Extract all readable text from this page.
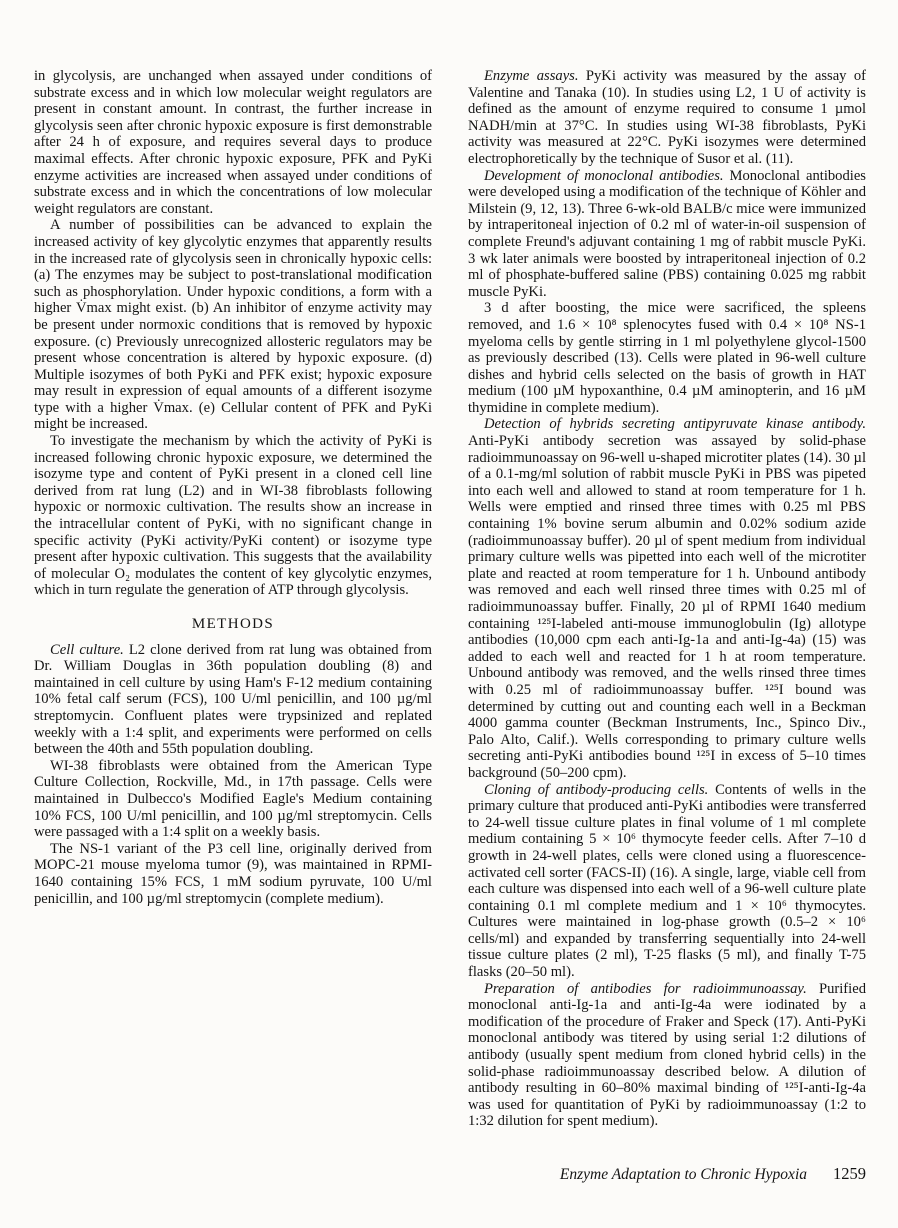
in glycolysis, are unchanged when assayed under conditions of substrate excess and in which low molecular weight regulators are present in constant amount. In contrast, the further increase in glycolysis seen after chronic hypoxic exposure is first demonstrable after 24 h of exposure, and requires several days to produce maximal effects. After chronic hypoxic exposure, PFK and PyKi enzyme activities are increased when assayed under conditions of substrate excess and in which the concentrations of low molecular weight regulators are constant.

A number of possibilities can be advanced to explain the increased activity of key glycolytic enzymes that apparently results in the increased rate of glycolysis seen in chronically hypoxic cells: (a) The enzymes may be subject to post-translational modification such as phosphorylation. Under hypoxic conditions, a form with a higher V̇max might exist. (b) An inhibitor of enzyme activity may be present under normoxic conditions that is removed by hypoxic exposure. (c) Previously unrecognized allosteric regulators may be present whose concentration is altered by hypoxic exposure. (d) Multiple isozymes of both PyKi and PFK exist; hypoxic exposure may result in expression of equal amounts of a different isozyme type with a higher V̇max. (e) Cellular content of PFK and PyKi might be increased.

To investigate the mechanism by which the activity of PyKi is increased following chronic hypoxic exposure, we determined the isozyme type and content of PyKi present in a cloned cell line derived from rat lung (L2) and in WI-38 fibroblasts following hypoxic or normoxic cultivation. The results show an increase in the intracellular content of PyKi, with no significant change in specific activity (PyKi activity/PyKi content) or isozyme type present after hypoxic cultivation. This suggests that the availability of molecular O₂ modulates the content of key glycolytic enzymes, which in turn regulate the generation of ATP through glycolysis.

METHODS

Cell culture. L2 clone derived from rat lung was obtained from Dr. William Douglas in 36th population doubling (8) and maintained in cell culture by using Ham's F-12 medium containing 10% fetal calf serum (FCS), 100 U/ml penicillin, and 100 µg/ml streptomycin. Confluent plates were trypsinized and replated weekly with a 1:4 split, and experiments were performed on cells between the 40th and 55th population doubling.

WI-38 fibroblasts were obtained from the American Type Culture Collection, Rockville, Md., in 17th passage. Cells were maintained in Dulbecco's Modified Eagle's Medium containing 10% FCS, 100 U/ml penicillin, and 100 µg/ml streptomycin. Cells were passaged with a 1:4 split on a weekly basis.

The NS-1 variant of the P3 cell line, originally derived from MOPC-21 mouse myeloma tumor (9), was maintained in RPMI-1640 containing 15% FCS, 1 mM sodium pyruvate, 100 U/ml penicillin, and 100 µg/ml streptomycin (complete medium).

Enzyme assays. PyKi activity was measured by the assay of Valentine and Tanaka (10). In studies using L2, 1 U of activity is defined as the amount of enzyme required to consume 1 µmol NADH/min at 37°C. In studies using WI-38 fibroblasts, PyKi activity was measured at 22°C. PyKi isozymes were determined electrophoretically by the technique of Susor et al. (11).

Development of monoclonal antibodies. Monoclonal antibodies were developed using a modification of the technique of Köhler and Milstein (9, 12, 13). Three 6-wk-old BALB/c mice were immunized by intraperitoneal injection of 0.2 ml of water-in-oil suspension of complete Freund's adjuvant containing 1 mg of rabbit muscle PyKi. 3 wk later animals were boosted by intraperitoneal injection of 0.2 ml of phosphate-buffered saline (PBS) containing 0.025 mg rabbit muscle PyKi.

3 d after boosting, the mice were sacrificed, the spleens removed, and 1.6 × 10⁸ splenocytes fused with 0.4 × 10⁸ NS-1 myeloma cells by gentle stirring in 1 ml polyethylene glycol-1500 as previously described (13). Cells were plated in 96-well culture dishes and hybrid cells selected on the basis of growth in HAT medium (100 µM hypoxanthine, 0.4 µM aminopterin, and 16 µM thymidine in complete medium).

Detection of hybrids secreting antipyruvate kinase antibody. Anti-PyKi antibody secretion was assayed by solid-phase radioimmunoassay on 96-well u-shaped microtiter plates (14). 30 µl of a 0.1-mg/ml solution of rabbit muscle PyKi in PBS was pipeted into each well and allowed to stand at room temperature for 1 h. Wells were emptied and rinsed three times with 0.25 ml PBS containing 1% bovine serum albumin and 0.02% sodium azide (radioimmunoassay buffer). 20 µl of spent medium from individual primary culture wells was pipetted into each well of the microtiter plate and reacted at room temperature for 1 h. Unbound antibody was removed and each well rinsed three times with 0.25 ml of radioimmunoassay buffer. Finally, 20 µl of RPMI 1640 medium containing ¹²⁵I-labeled anti-mouse immunoglobulin (Ig) allotype antibodies (10,000 cpm each anti-Ig-1a and anti-Ig-4a) (15) was added to each well and reacted for 1 h at room temperature. Unbound antibody was removed, and the wells rinsed three times with 0.25 ml of radioimmunoassay buffer. ¹²⁵I bound was determined by cutting out and counting each well in a Beckman 4000 gamma counter (Beckman Instruments, Inc., Spinco Div., Palo Alto, Calif.). Wells corresponding to primary culture wells secreting anti-PyKi antibodies bound ¹²⁵I in excess of 5–10 times background (50–200 cpm).

Cloning of antibody-producing cells. Contents of wells in the primary culture that produced anti-PyKi antibodies were transferred to 24-well tissue culture plates in final volume of 1 ml complete medium containing 5 × 10⁶ thymocyte feeder cells. After 7–10 d growth in 24-well plates, cells were cloned using a fluorescence-activated cell sorter (FACS-II) (16). A single, large, viable cell from each culture was dispensed into each well of a 96-well culture plate containing 0.1 ml complete medium and 1 × 10⁶ thymocytes. Cultures were maintained in log-phase growth (0.5–2 × 10⁶ cells/ml) and expanded by transferring sequentially into 24-well tissue culture plates (2 ml), T-25 flasks (5 ml), and finally T-75 flasks (20–50 ml).

Preparation of antibodies for radioimmunoassay. Purified monoclonal anti-Ig-1a and anti-Ig-4a were iodinated by a modification of the procedure of Fraker and Speck (17). Anti-PyKi monoclonal antibody was titered by using serial 1:2 dilutions of antibody (usually spent medium from cloned hybrid cells) in the solid-phase radioimmunoassay described below. A dilution of antibody resulting in 60–80% maximal binding of ¹²⁵I-anti-Ig-4a was used for quantitation of PyKi by radioimmunoassay (1:2 to 1:32 dilution for spent medium).

Enzyme Adaptation to Chronic Hypoxia 1259
